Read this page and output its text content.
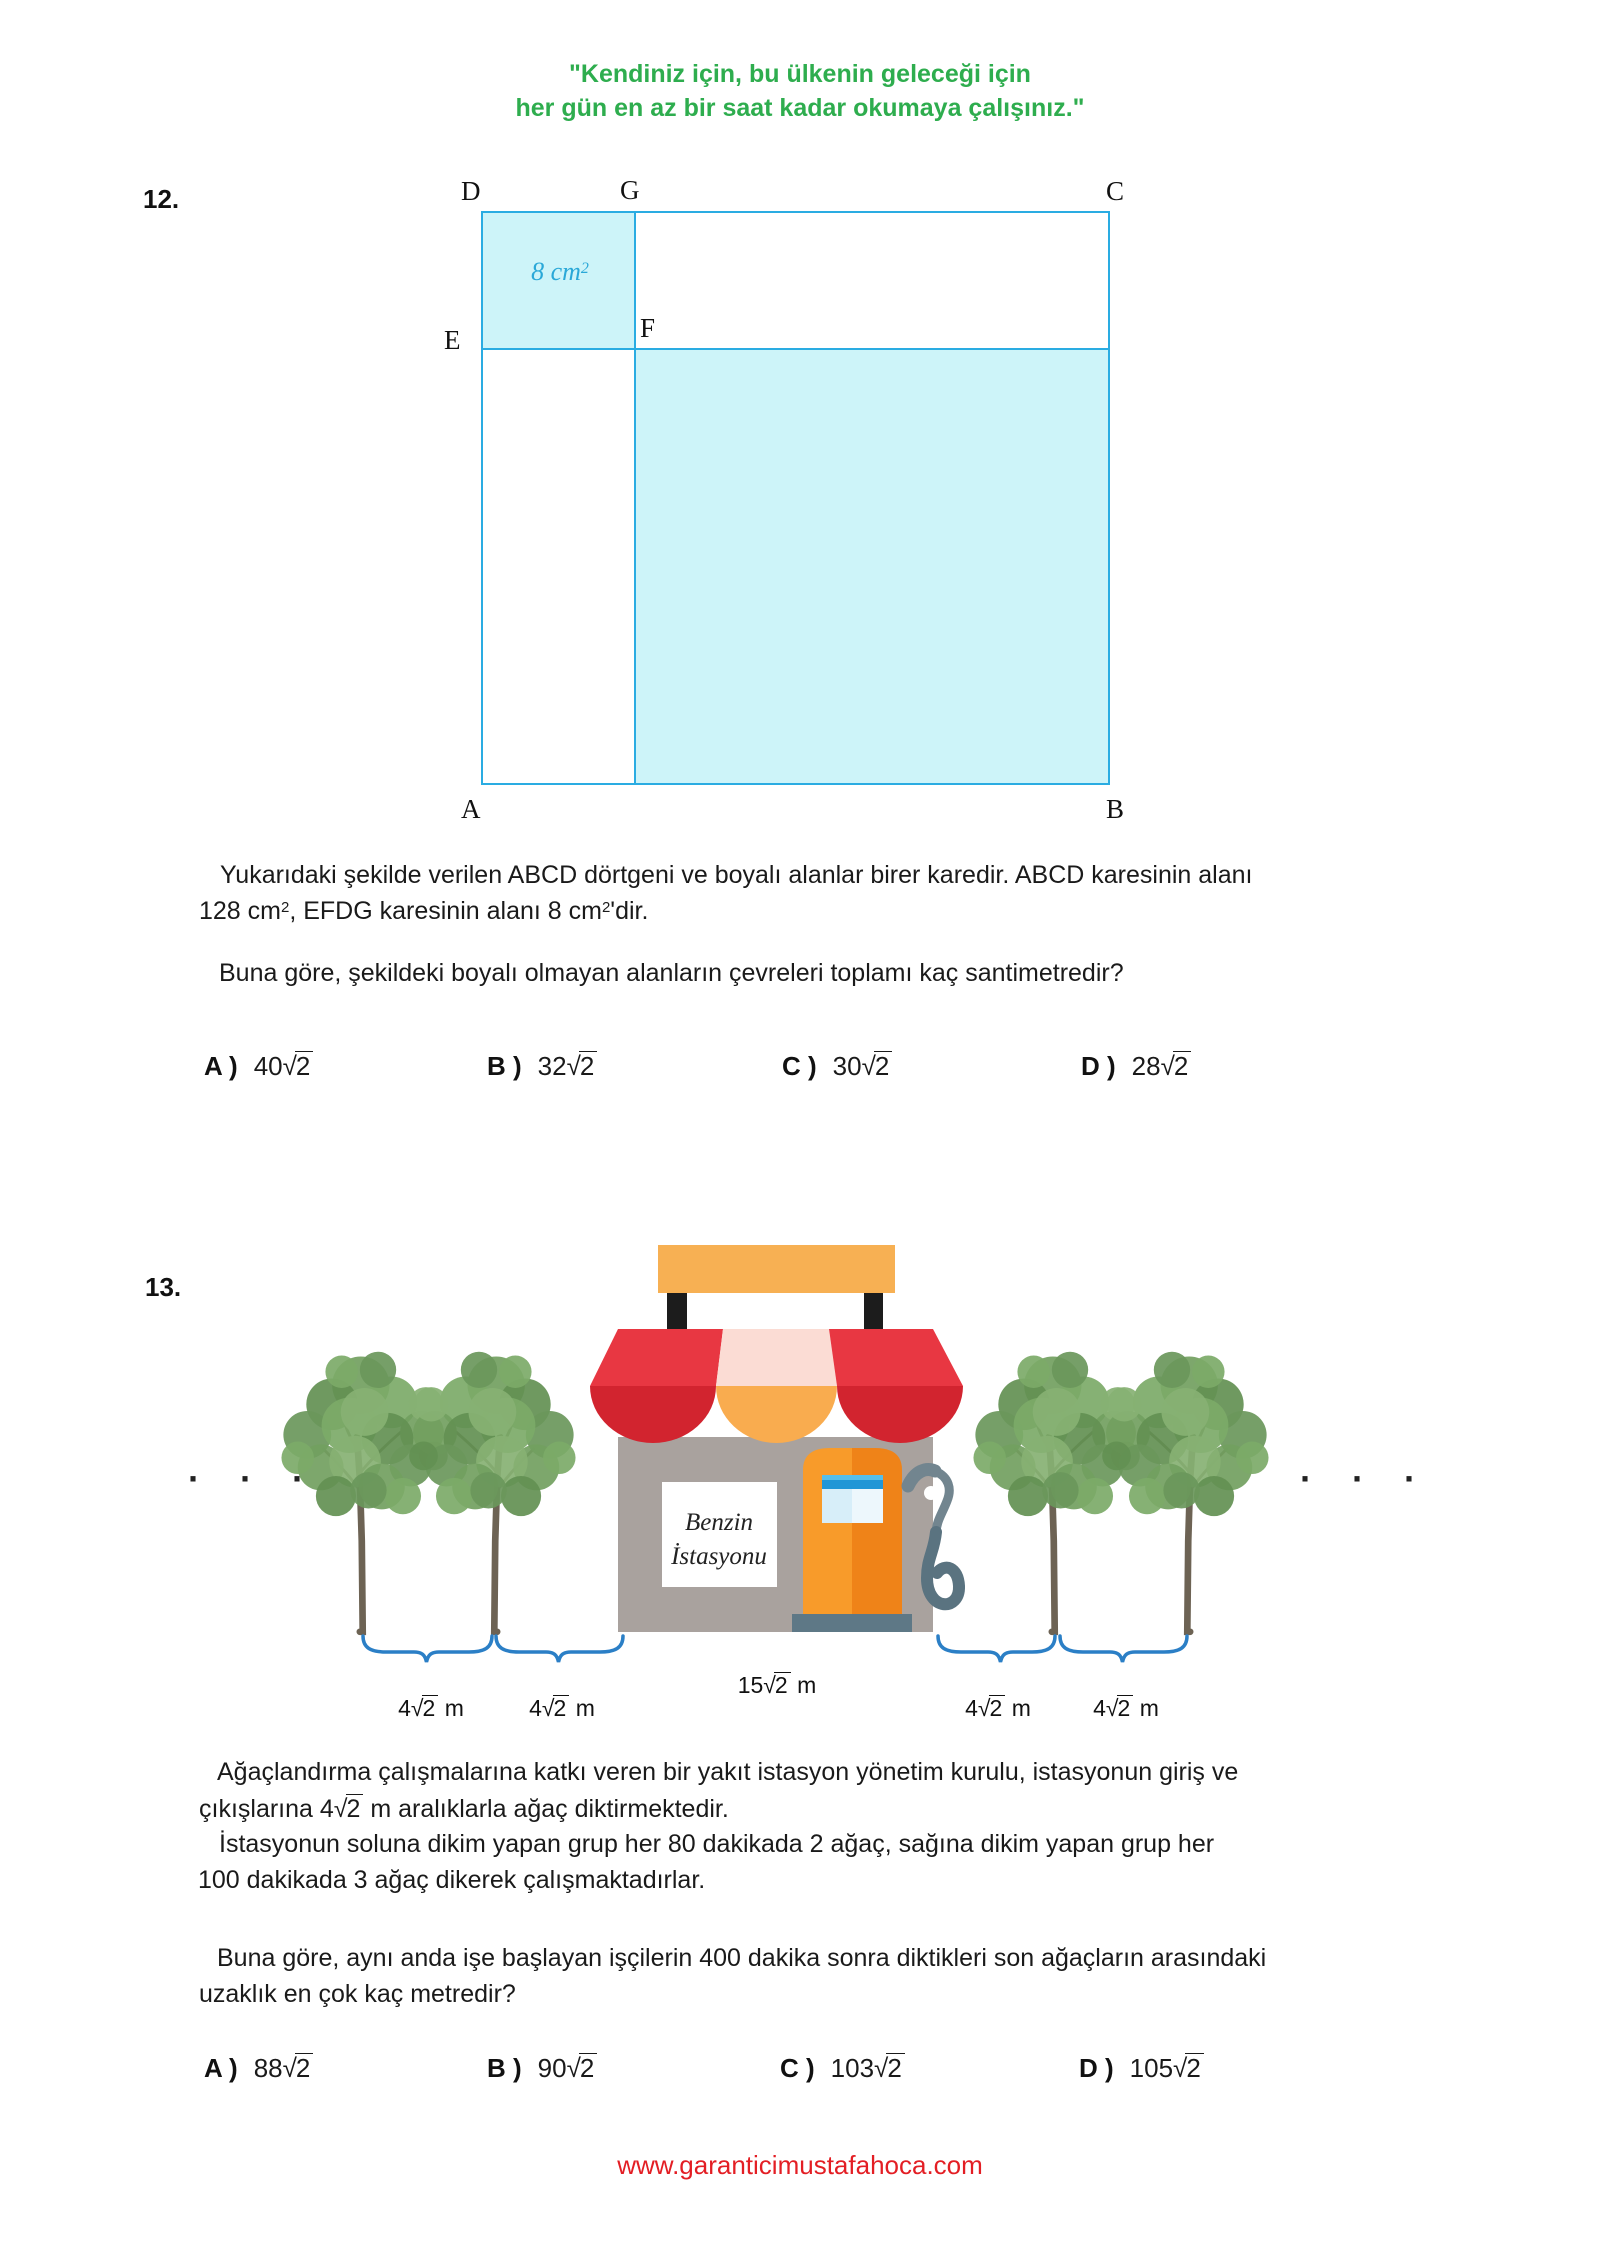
"Kendiniz için, bu ülkenin geleceği için
her gün en az bir saat kadar okumaya çalışınız."
12.
8 $cm^2$
D	G	C
E	F
A	B
Yukarıdaki şekilde verilen ABCD dörtgeni ve boyalı alanlar birer karedir. ABCD karesinin alanı
128 $cm^2$, EFDG karesinin alanı 8 $cm^2'dir$.
Buna göre, şekildeki boyalı olmayan alanların çevreleri toplamı kaç santimetredir?
A ) 40√2	B ) 32√2	C ) 30√2	D ) 28√2
13.
Benzin
İstasyonu
· · ·	· · ·
15√2 m
4√2 m	4√2 m	4√2 m	4√2 m
Ağaçlandırma çalışmalarına katkı veren bir yakıt istasyon yönetim kurulu, istasyonun giriş ve
çıkışlarına 4√2 m aralıklarla ağaç diktirmektedir.
İstasyonun soluna dikim yapan grup her 80 dakikada 2 ağaç, sağına dikim yapan grup her
100 dakikada 3 ağaç dikerek çalışmaktadırlar.
Buna göre, aynı anda işe başlayan işçilerin 400 dakika sonra diktikleri son ağaçların arasındaki
uzaklık en çok kaç metredir?
A ) 88√2	B ) 90√2	C ) 103√2	D ) 105√2
www.garanticimustafahoca.com
